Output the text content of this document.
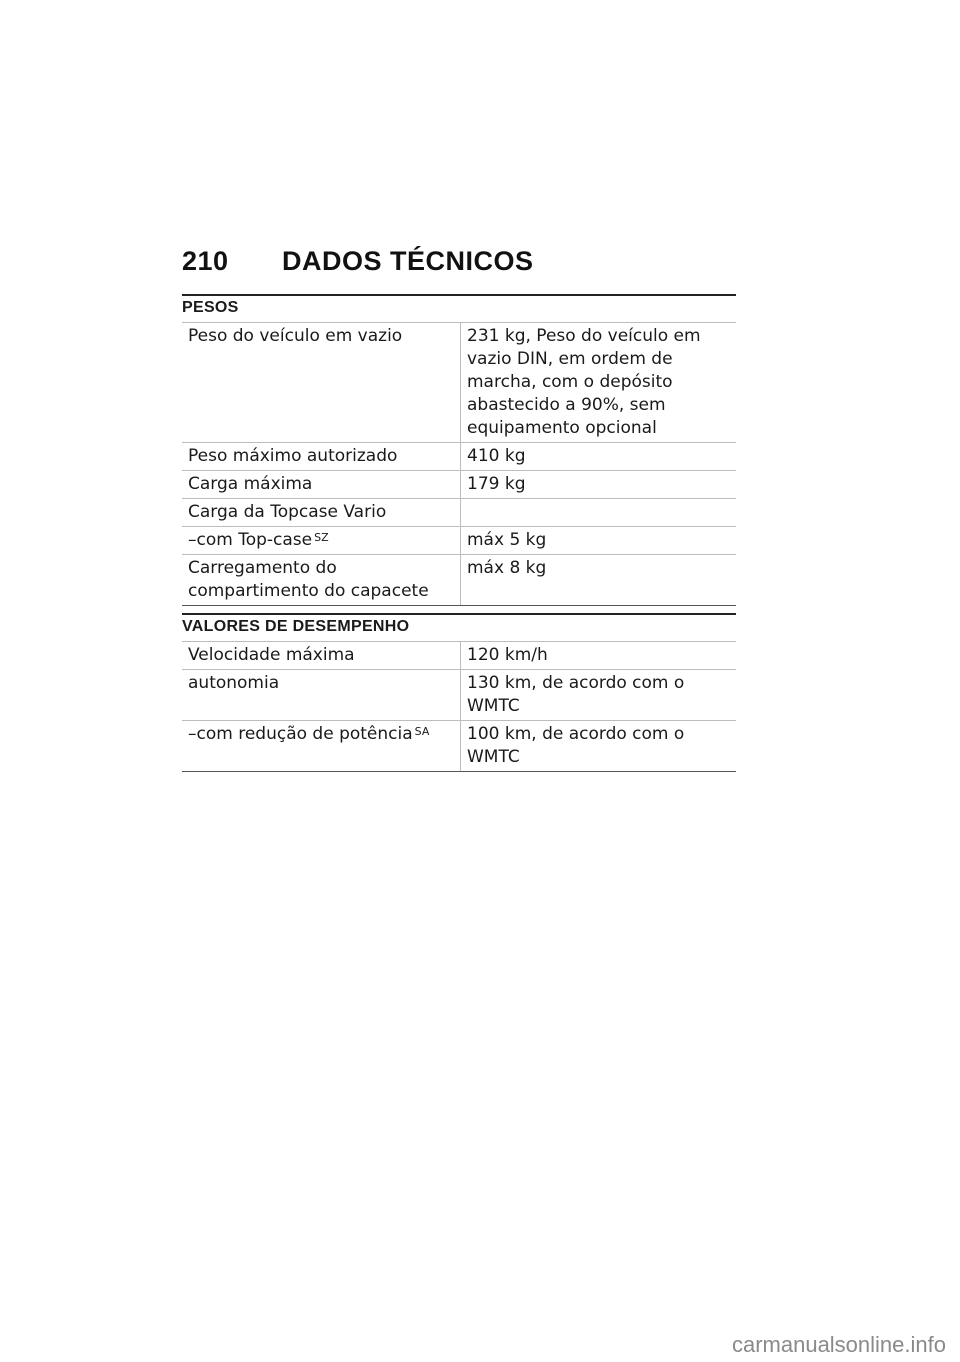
210	DADOS TÉCNICOS
PESOS
Peso do veículo em vazio	231 kg, Peso do veículo em vazio DIN, em ordem de marcha, com o depósito abastecido a 90%, sem equipamento opcional
Peso máximo autorizado	410 kg
Carga máxima	179 kg
Carga da Topcase Vario	
–com Top-case $^{SZ}$	máx 5 kg
Carregamento do compartimento do capacete	máx 8 kg
VALORES DE DESEMPENHO
Velocidade máxima	120 km/h
autonomia	130 km, de acordo com o WMTC
–com redução de potência $^{SA}$	100 km, de acordo com o WMTC
carmanualsonline.info
